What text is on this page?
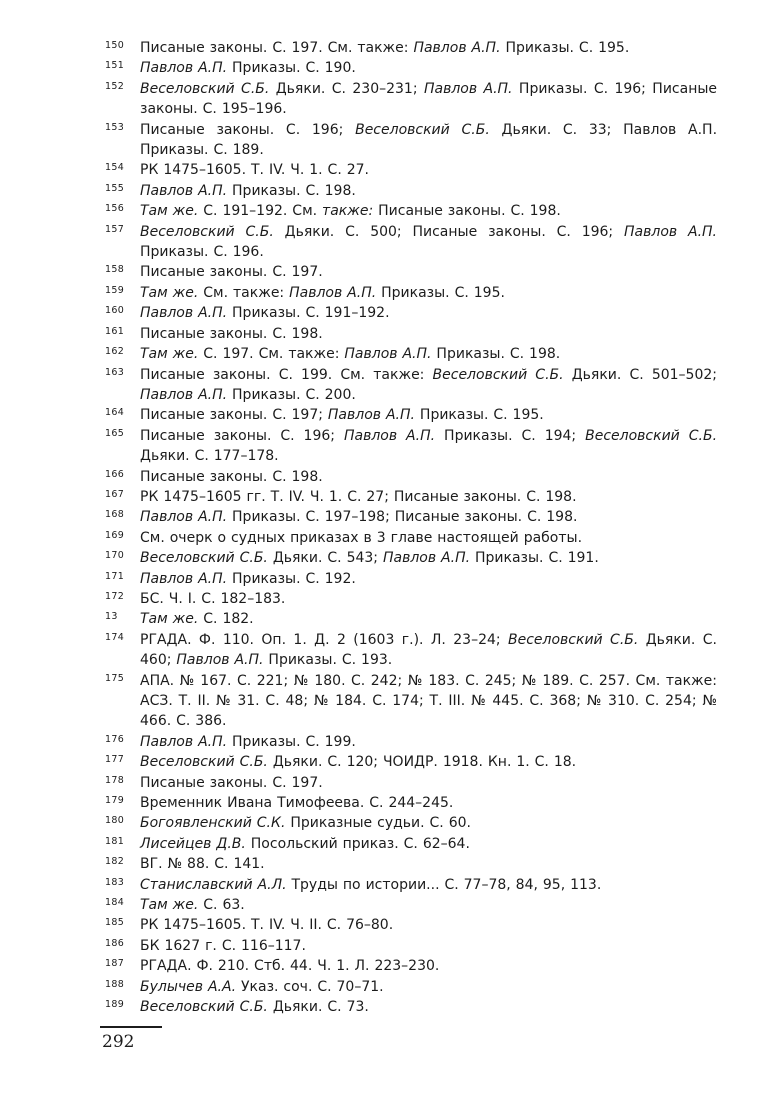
150	Писаные законы. С. 197. См. также: Павлов А.П. Приказы. С. 195.
151	Павлов А.П. Приказы. С. 190.
152	Веселовский С.Б. Дьяки. С. 230–231; Павлов А.П. Приказы. С. 196; Писаные законы. С. 195–196.
153	Писаные законы. С. 196; Веселовский С.Б. Дьяки. С. 33; Павлов А.П. Приказы. С. 189.
154	РК 1475–1605. Т. IV. Ч. 1. С. 27.
155	Павлов А.П. Приказы. С. 198.
156	Там же. С. 191–192. См. также: Писаные законы. С. 198.
157	Веселовский С.Б. Дьяки. С. 500; Писаные законы. С. 196; Павлов А.П. Приказы. С. 196.
158	Писаные законы. С. 197.
159	Там же. См. также: Павлов А.П. Приказы. С. 195.
160	Павлов А.П. Приказы. С. 191–192.
161	Писаные законы. С. 198.
162	Там же. С. 197. См. также: Павлов А.П. Приказы. С. 198.
163	Писаные законы. С. 199. См. также: Веселовский С.Б. Дьяки. С. 501–502; Павлов А.П. Приказы. С. 200.
164	Писаные законы. С. 197; Павлов А.П. Приказы. С. 195.
165	Писаные законы. С. 196; Павлов А.П. Приказы. С. 194; Веселовский С.Б. Дьяки. С. 177–178.
166	Писаные законы. С. 198.
167	РК 1475–1605 гг. Т. IV. Ч. 1. С. 27; Писаные законы. С. 198.
168	Павлов А.П. Приказы. С. 197–198; Писаные законы. С. 198.
169	См. очерк о судных приказах в 3 главе настоящей работы.
170	Веселовский С.Б. Дьяки. С. 543; Павлов А.П. Приказы. С. 191.
171	Павлов А.П. Приказы. С. 192.
172	БС. Ч. I. С. 182–183.
13	Там же. С. 182.
174	РГАДА. Ф. 110. Оп. 1. Д. 2 (1603 г.). Л. 23–24; Веселовский С.Б. Дьяки. С. 460; Павлов А.П. Приказы. С. 193.
175	АПА. № 167. С. 221; № 180. С. 242; № 183. С. 245; № 189. С. 257. См. также: АСЗ. Т. II. № 31. С. 48; № 184. С. 174; Т. III. № 445. С. 368; № 310. С. 254; № 466. С. 386.
176	Павлов А.П. Приказы. С. 199.
177	Веселовский С.Б. Дьяки. С. 120; ЧОИДР. 1918. Кн. 1. С. 18.
178	Писаные законы. С. 197.
179	Временник Ивана Тимофеева. С. 244–245.
180	Богоявленский С.К. Приказные судьи. С. 60.
181	Лисейцев Д.В. Посольский приказ. С. 62–64.
182	ВГ. № 88. С. 141.
183	Станиславский А.Л. Труды по истории... С. 77–78, 84, 95, 113.
184	Там же. С. 63.
185	РК 1475–1605. Т. IV. Ч. II. С. 76–80.
186	БК 1627 г. С. 116–117.
187	РГАДА. Ф. 210. Стб. 44. Ч. 1. Л. 223–230.
188	Булычев А.А. Указ. соч. С. 70–71.
189	Веселовский С.Б. Дьяки. С. 73.
292
